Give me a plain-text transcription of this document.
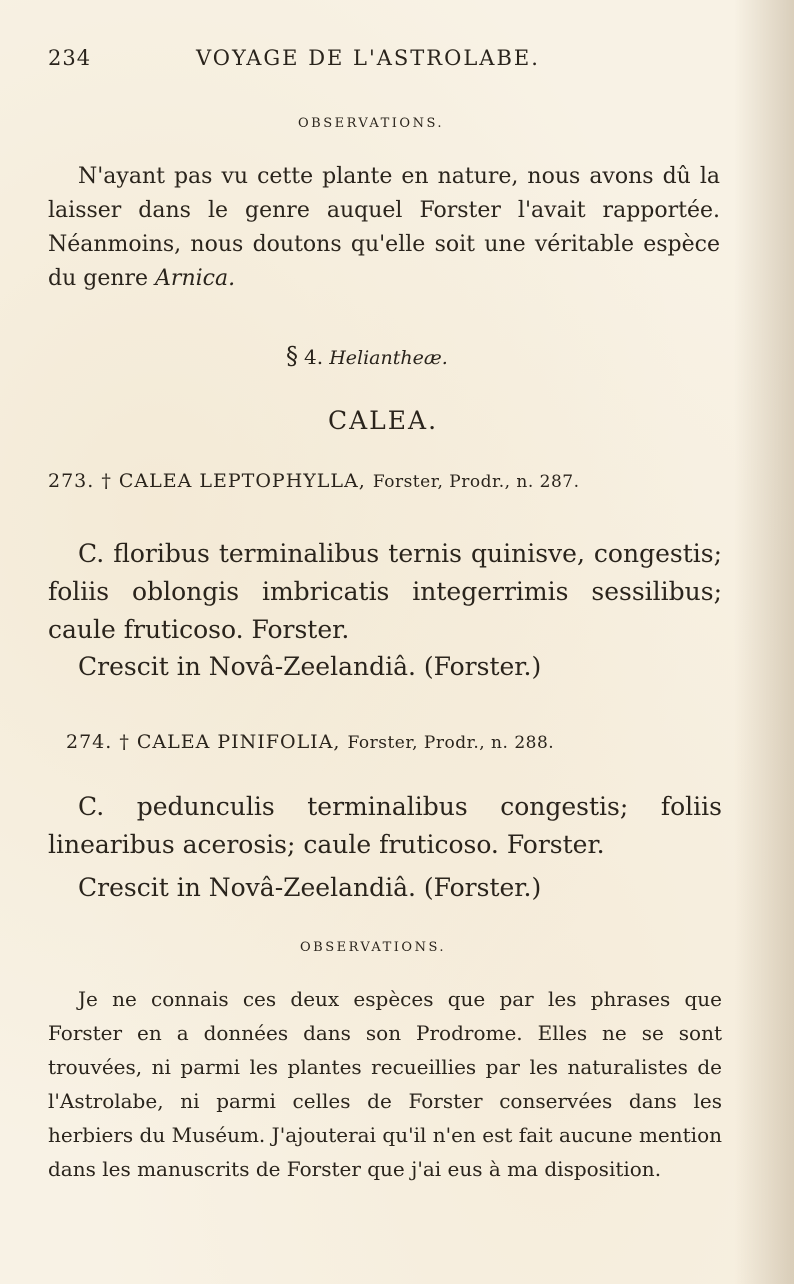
234	VOYAGE DE L'ASTROLABE.
OBSERVATIONS.

N'ayant pas vu cette plante en nature, nous avons dû la laisser dans le genre auquel Forster l'avait rapportée. Néanmoins, nous doutons qu'elle soit une véritable espèce du genre Arnica.

§ 4. Heliantheæ.
CALEA.
273. † CALEA LEPTOPHYLLA, Forster, Prodr., n. 287.

C. floribus terminalibus ternis quinisve, congestis; foliis oblongis imbricatis integerrimis sessilibus; caule fruticoso. Forster.

Crescit in Novâ-Zeelandiâ. (Forster.)
274. † CALEA PINIFOLIA, Forster, Prodr., n. 288.

C. pedunculis terminalibus congestis; foliis linearibus acerosis; caule fruticoso. Forster.

Crescit in Novâ-Zeelandiâ. (Forster.)
OBSERVATIONS.

Je ne connais ces deux espèces que par les phrases que Forster en a données dans son Prodrome. Elles ne se sont trouvées, ni parmi les plantes recueillies par les naturalistes de l'Astrolabe, ni parmi celles de Forster conservées dans les herbiers du Muséum. J'ajouterai qu'il n'en est fait aucune mention dans les manuscrits de Forster que j'ai eus à ma disposition.
